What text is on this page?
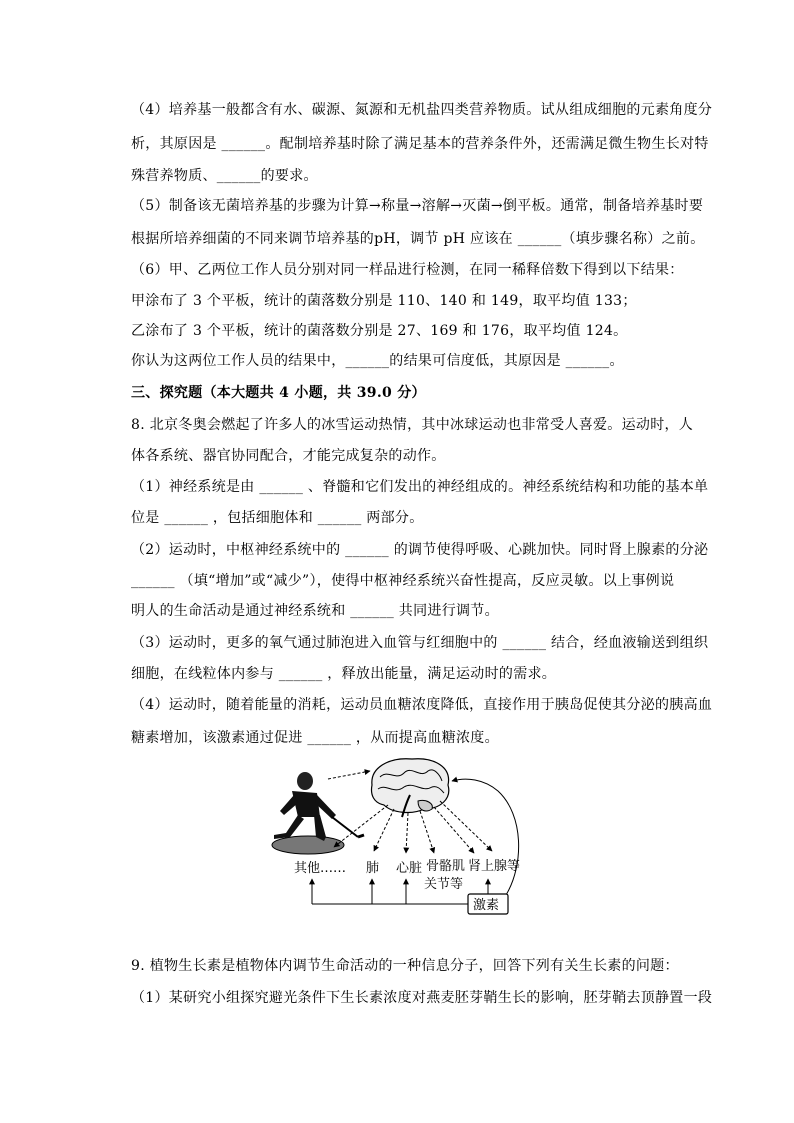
（4）培养基一般都含有水、碳源、氮源和无机盐四类营养物质。试从组成细胞的元素角度分
析，其原因是 ______。配制培养基时除了满足基本的营养条件外，还需满足微生物生长对特
殊营养物质、______的要求。
（5）制备该无菌培养基的步骤为计算→称量→溶解→灭菌→倒平板。通常，制备培养基时要
根据所培养细菌的不同来调节培养基的pH，调节 pH 应该在 ______（填步骤名称）之前。
（6）甲、乙两位工作人员分别对同一样品进行检测，在同一稀释倍数下得到以下结果：
甲涂布了 3 个平板，统计的菌落数分别是 110、140 和 149，取平均值 133；
乙涂布了 3 个平板，统计的菌落数分别是 27、169 和 176，取平均值 124。
你认为这两位工作人员的结果中，______的结果可信度低，其原因是 ______。
三、探究题（本大题共 4 小题，共 39.0 分）
8. 北京冬奥会燃起了许多人的冰雪运动热情，其中冰球运动也非常受人喜爱。运动时，人
体各系统、器官协同配合，才能完成复杂的动作。
（1）神经系统是由 ______ 、脊髓和它们发出的神经组成的。神经系统结构和功能的基本单
位是 ______ ，包括细胞体和 ______ 两部分。
（2）运动时，中枢神经系统中的 ______ 的调节使得呼吸、心跳加快。同时肾上腺素的分泌
______ （填“增加”或“减少”），使得中枢神经系统兴奋性提高，反应灵敏。以上事例说
明人的生命活动是通过神经系统和 ______ 共同进行调节。
（3）运动时，更多的氧气通过肺泡进入血管与红细胞中的 ______ 结合，经血液输送到组织
细胞，在线粒体内参与 ______ ，释放出能量，满足运动时的需求。
（4）运动时，随着能量的消耗，运动员血糖浓度降低，直接作用于胰岛促使其分泌的胰高血
糖素增加，该激素通过促进 ______ ，从而提高血糖浓度。
其他…… 肺 心脏 骨骼肌
关节等
肾上腺等
激素
9. 植物生长素是植物体内调节生命活动的一种信息分子，回答下列有关生长素的问题：
（1）某研究小组探究避光条件下生长素浓度对燕麦胚芽鞘生长的影响，胚芽鞘去顶静置一段
